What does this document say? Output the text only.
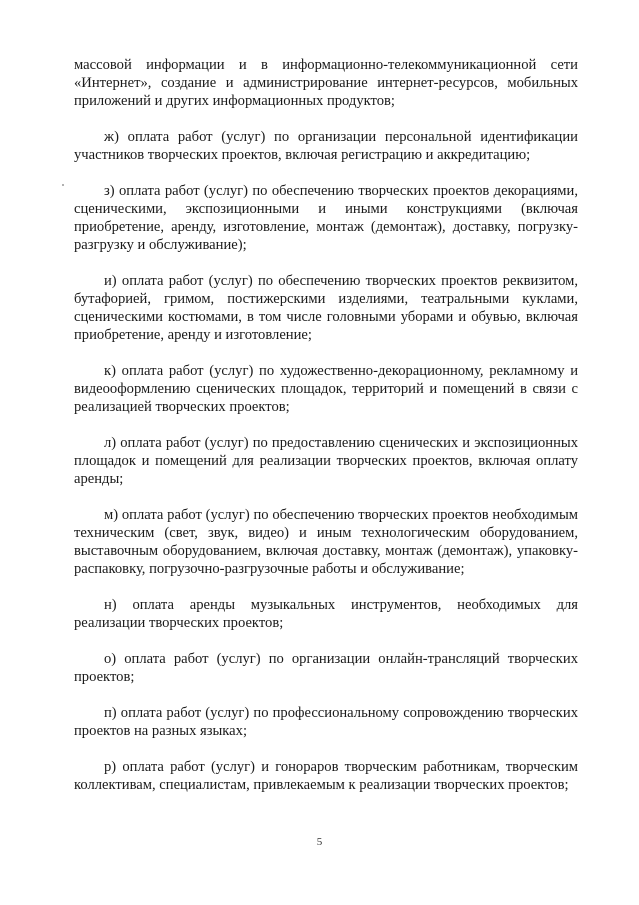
массовой информации и в информационно-телекоммуникационной сети «Интернет», создание и администрирование интернет-ресурсов, мобильных приложений и других информационных продуктов;

ж) оплата работ (услуг) по организации персональной идентификации участников творческих проектов, включая регистрацию и аккредитацию;

з) оплата работ (услуг) по обеспечению творческих проектов декорациями, сценическими, экспозиционными и иными конструкциями (включая приобретение, аренду, изготовление, монтаж (демонтаж), доставку, погрузку-разгрузку и обслуживание);

и) оплата работ (услуг) по обеспечению творческих проектов реквизитом, бутафорией, гримом, постижерскими изделиями, театральными куклами, сценическими костюмами, в том числе головными уборами и обувью, включая приобретение, аренду и изготовление;

к) оплата работ (услуг) по художественно-декорационному, рекламному и видеооформлению сценических площадок, территорий и помещений в связи с реализацией творческих проектов;

л) оплата работ (услуг) по предоставлению сценических и экспозиционных площадок и помещений для реализации творческих проектов, включая оплату аренды;

м) оплата работ (услуг) по обеспечению творческих проектов необходимым техническим (свет, звук, видео) и иным технологическим оборудованием, выставочным оборудованием, включая доставку, монтаж (демонтаж), упаковку-распаковку, погрузочно-разгрузочные работы и обслуживание;

н) оплата аренды музыкальных инструментов, необходимых для реализации творческих проектов;

о) оплата работ (услуг) по организации онлайн-трансляций творческих проектов;

п) оплата работ (услуг) по профессиональному сопровождению творческих проектов на разных языках;

р) оплата работ (услуг) и гонораров творческим работникам, творческим коллективам, специалистам, привлекаемым к реализации творческих проектов;

5
